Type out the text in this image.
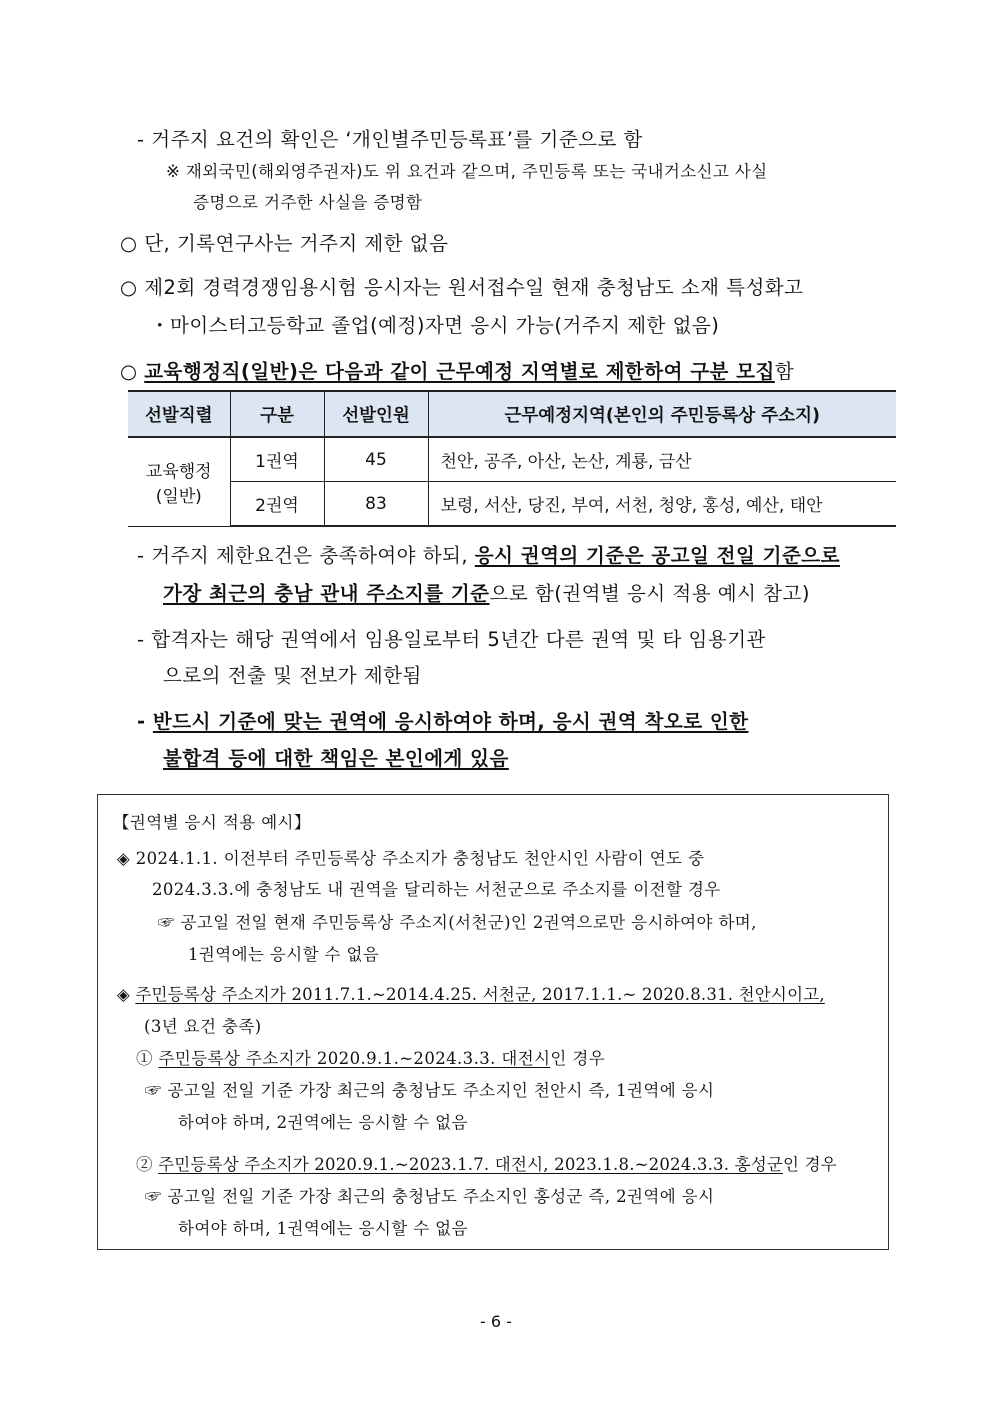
- 거주지 요건의 확인은 ‘개인별주민등록표’를 기준으로 함
※ 재외국민(해외영주권자)도 위 요건과 같으며, 주민등록 또는 국내거소신고 사실
증명으로 거주한 사실을 증명함
○ 단, 기록연구사는 거주지 제한 없음
○ 제2회 경력경쟁임용시험 응시자는 원서접수일 현재 충청남도 소재 특성화고
・마이스터고등학교 졸업(예정)자면 응시 가능(거주지 제한 없음)
○ 교육행정직(일반)은 다음과 같이 근무예정 지역별로 제한하여 구분 모집함
선발직렬	구분	선발인원	근무예정지역(본인의 주민등록상 주소지)

교육행정
(일반)	1권역	45	천안, 공주, 아산, 논산, 계룡, 금산
	2권역	83	보령, 서산, 당진, 부여, 서천, 청양, 홍성, 예산, 태안
- 거주지 제한요건은 충족하여야 하되, 응시 권역의 기준은 공고일 전일 기준으로
가장 최근의 충남 관내 주소지를 기준으로 함(권역별 응시 적용 예시 참고)
- 합격자는 해당 권역에서 임용일로부터 5년간 다른 권역 및 타 임용기관
으로의 전출 및 전보가 제한됨
- 반드시 기준에 맞는 권역에 응시하여야 하며, 응시 권역 착오로 인한
불합격 등에 대한 책임은 본인에게 있음
【권역별 응시 적용 예시】
◈ 2024.1.1. 이전부터 주민등록상 주소지가 충청남도 천안시인 사람이 연도 중
2024.3.3.에 충청남도 내 권역을 달리하는 서천군으로 주소지를 이전할 경우
☞ 공고일 전일 현재 주민등록상 주소지(서천군)인 2권역으로만 응시하여야 하며,
1권역에는 응시할 수 없음
◈ 주민등록상 주소지가 2011.7.1.~2014.4.25. 서천군, 2017.1.1.~ 2020.8.31. 천안시이고,
(3년 요건 충족)
① 주민등록상 주소지가 2020.9.1.~2024.3.3. 대전시인 경우
☞ 공고일 전일 기준 가장 최근의 충청남도 주소지인 천안시 즉, 1권역에 응시
하여야 하며, 2권역에는 응시할 수 없음
② 주민등록상 주소지가 2020.9.1.~2023.1.7. 대전시, 2023.1.8.~2024.3.3. 홍성군인 경우
☞ 공고일 전일 기준 가장 최근의 충청남도 주소지인 홍성군 즉, 2권역에 응시
하여야 하며, 1권역에는 응시할 수 없음
- 6 -
